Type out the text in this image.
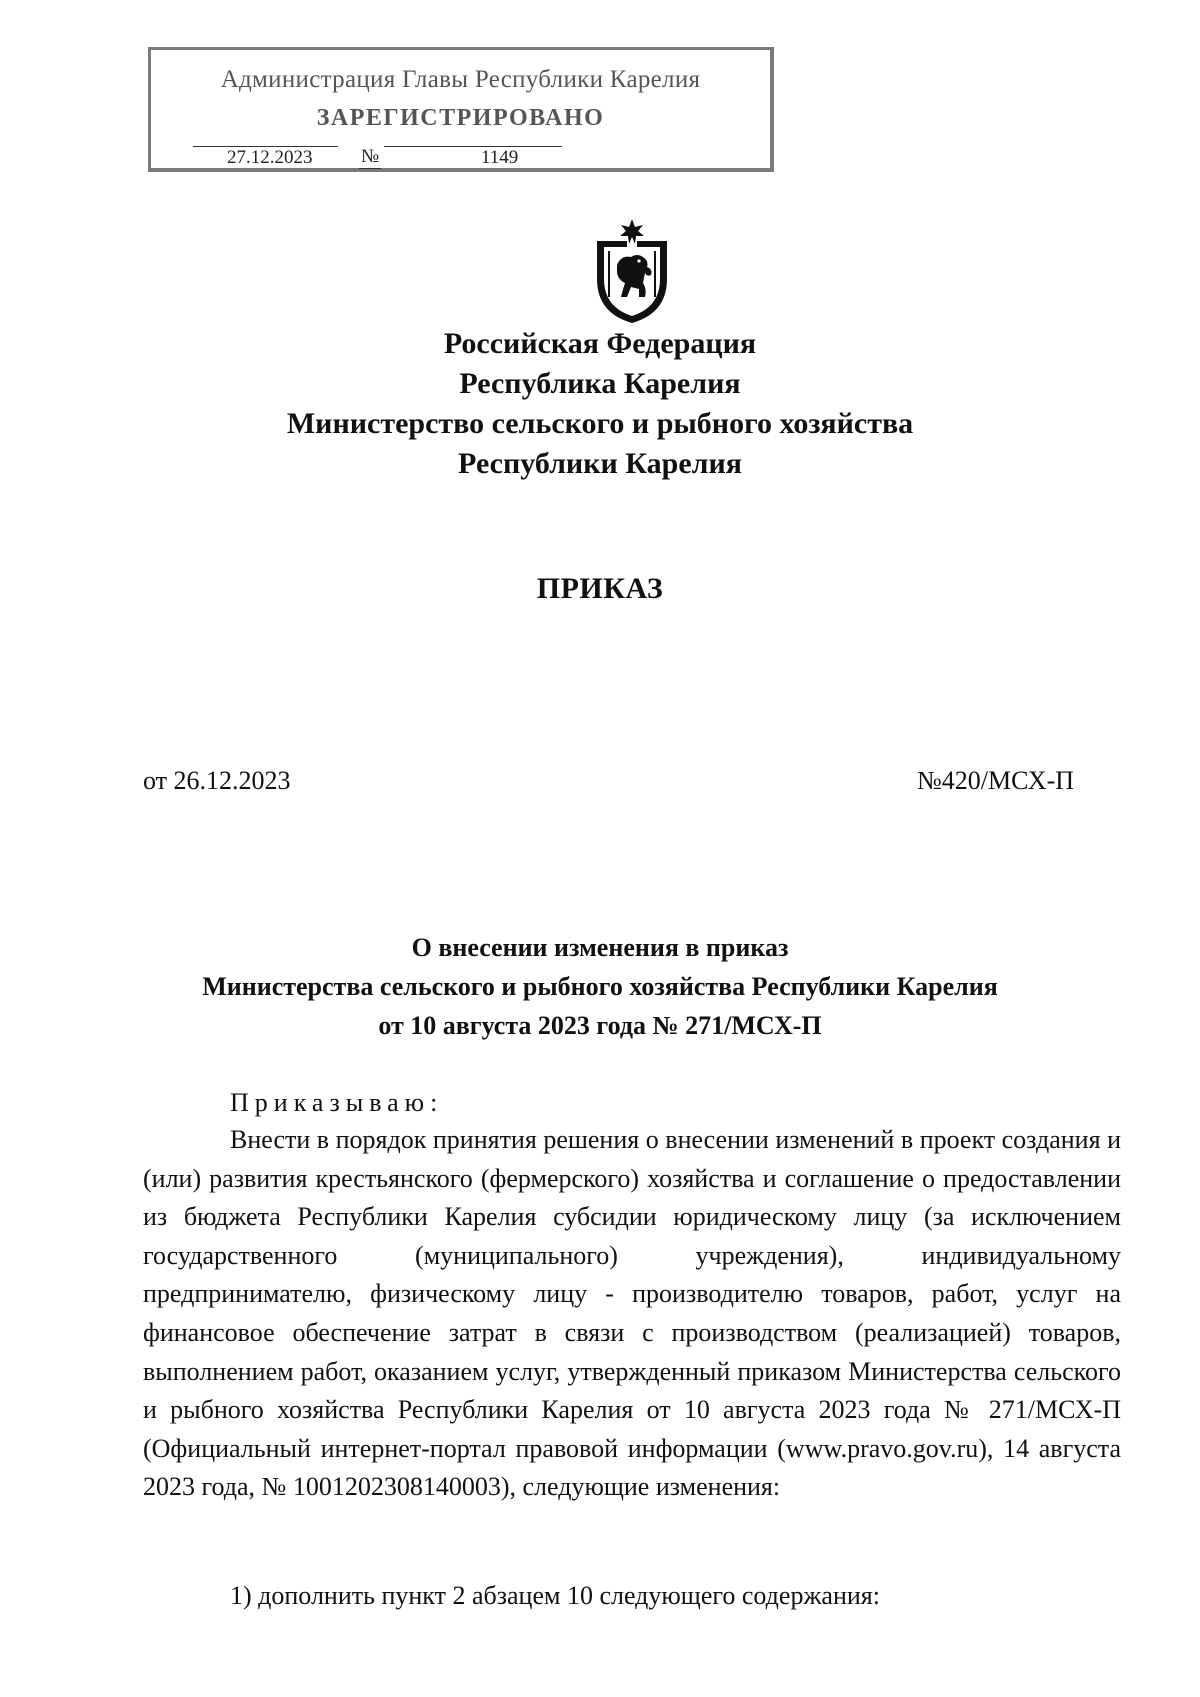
Администрация Главы Республики Карелия
ЗАРЕГИСТРИРОВАНО
27.12.2023	№	1149
Российская Федерация
Республика Карелия
Министерство сельского и рыбного хозяйства
Республики Карелия
ПРИКАЗ
от 26.12.2023	№420/МСХ-П
О внесении изменения в приказ
Министерства сельского и рыбного хозяйства Республики Карелия
от 10 августа 2023 года № 271/МСХ-П
Приказываю:

Внести в порядок принятия решения о внесении изменений в проект создания и (или) развития крестьянского (фермерского) хозяйства и соглашение о предоставлении из бюджета Республики Карелия субсидии юридическому лицу (за исключением государственного (муниципального) учреждения), индивидуальному предпринимателю, физическому лицу - производителю товаров, работ, услуг на финансовое обеспечение затрат в связи с производством (реализацией) товаров, выполнением работ, оказанием услуг, утвержденный приказом Министерства сельского и рыбного хозяйства Республики Карелия от 10 августа 2023 года № 271/МСХ-П (Официальный интернет-портал правовой информации (www.pravo.gov.ru), 14 августа 2023 года, № 1001202308140003), следующие изменения:

1) дополнить пункт 2 абзацем 10 следующего содержания:
